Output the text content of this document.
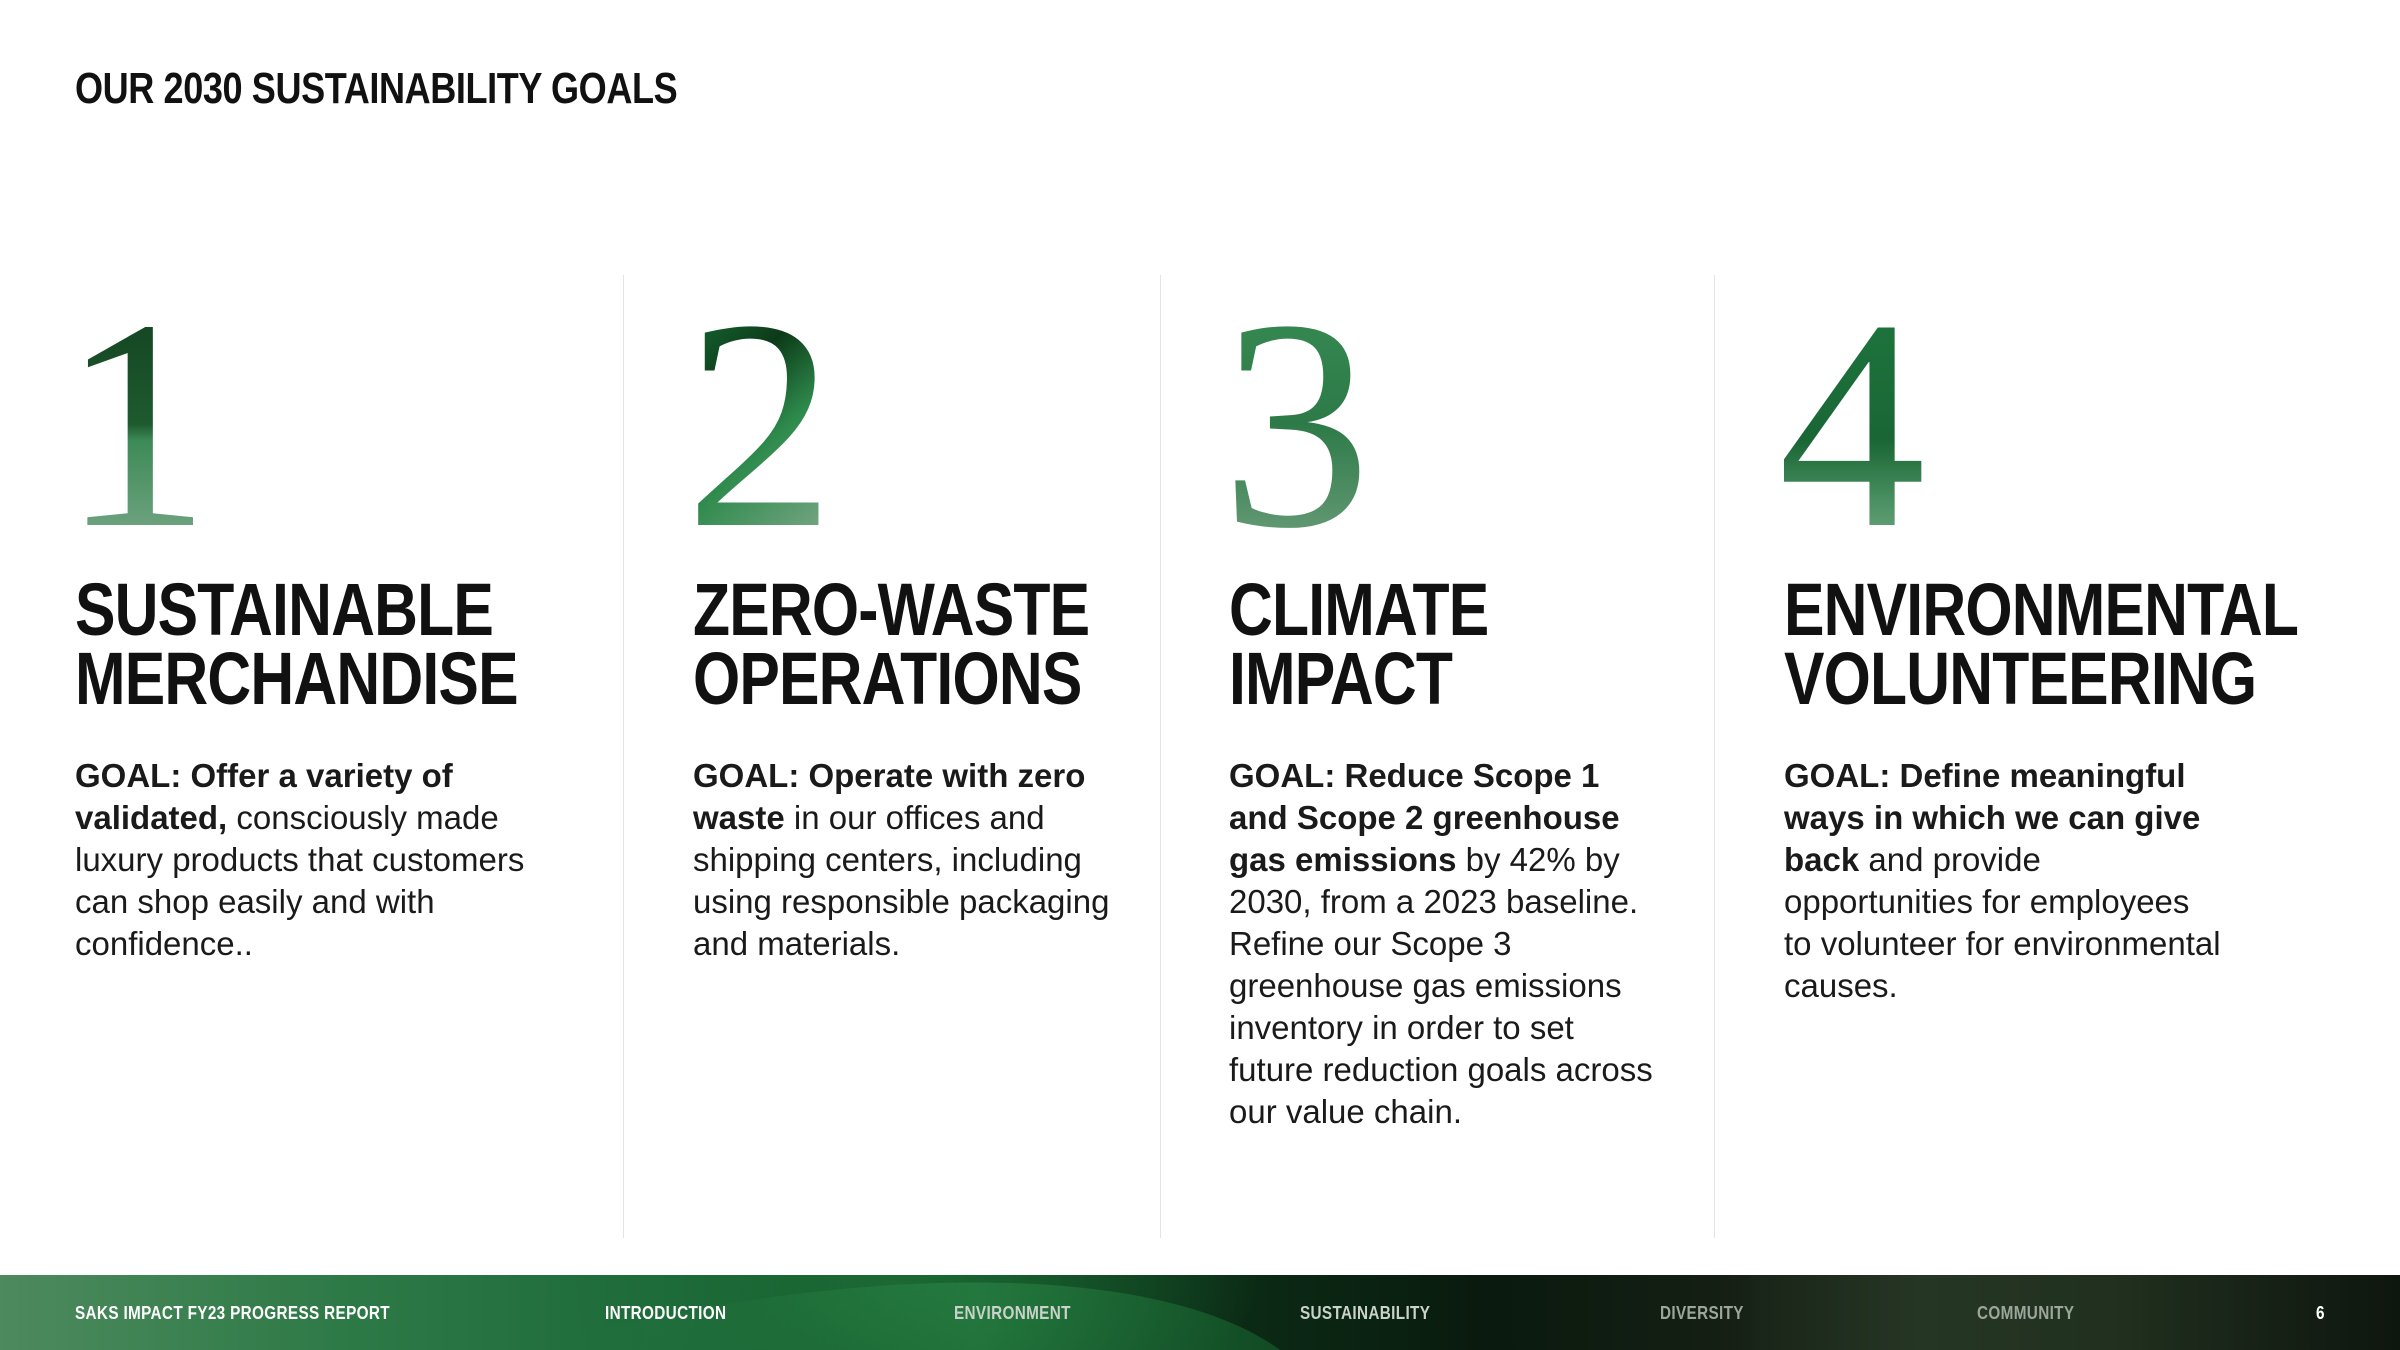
OUR 2030 SUSTAINABILITY GOALS
1
SUSTAINABLE
MERCHANDISE
GOAL: Offer a variety of validated, consciously made luxury products that customers can shop easily and with confidence..
2
ZERO-WASTE
OPERATIONS
GOAL: Operate with zero waste in our offices and shipping centers, including using responsible packaging and materials.
3
CLIMATE
IMPACT
GOAL: Reduce Scope 1 and Scope 2 greenhouse gas emissions by 42% by 2030, from a 2023 baseline. Refine our Scope 3 greenhouse gas emissions inventory in order to set future reduction goals across our value chain.
4
ENVIRONMENTAL
VOLUNTEERING
GOAL: Define meaningful ways in which we can give back and provide opportunities for employees to volunteer for environmental causes.
SAKS IMPACT FY23 PROGRESS REPORT	INTRODUCTION	ENVIRONMENT	SUSTAINABILITY	DIVERSITY	COMMUNITY	6
